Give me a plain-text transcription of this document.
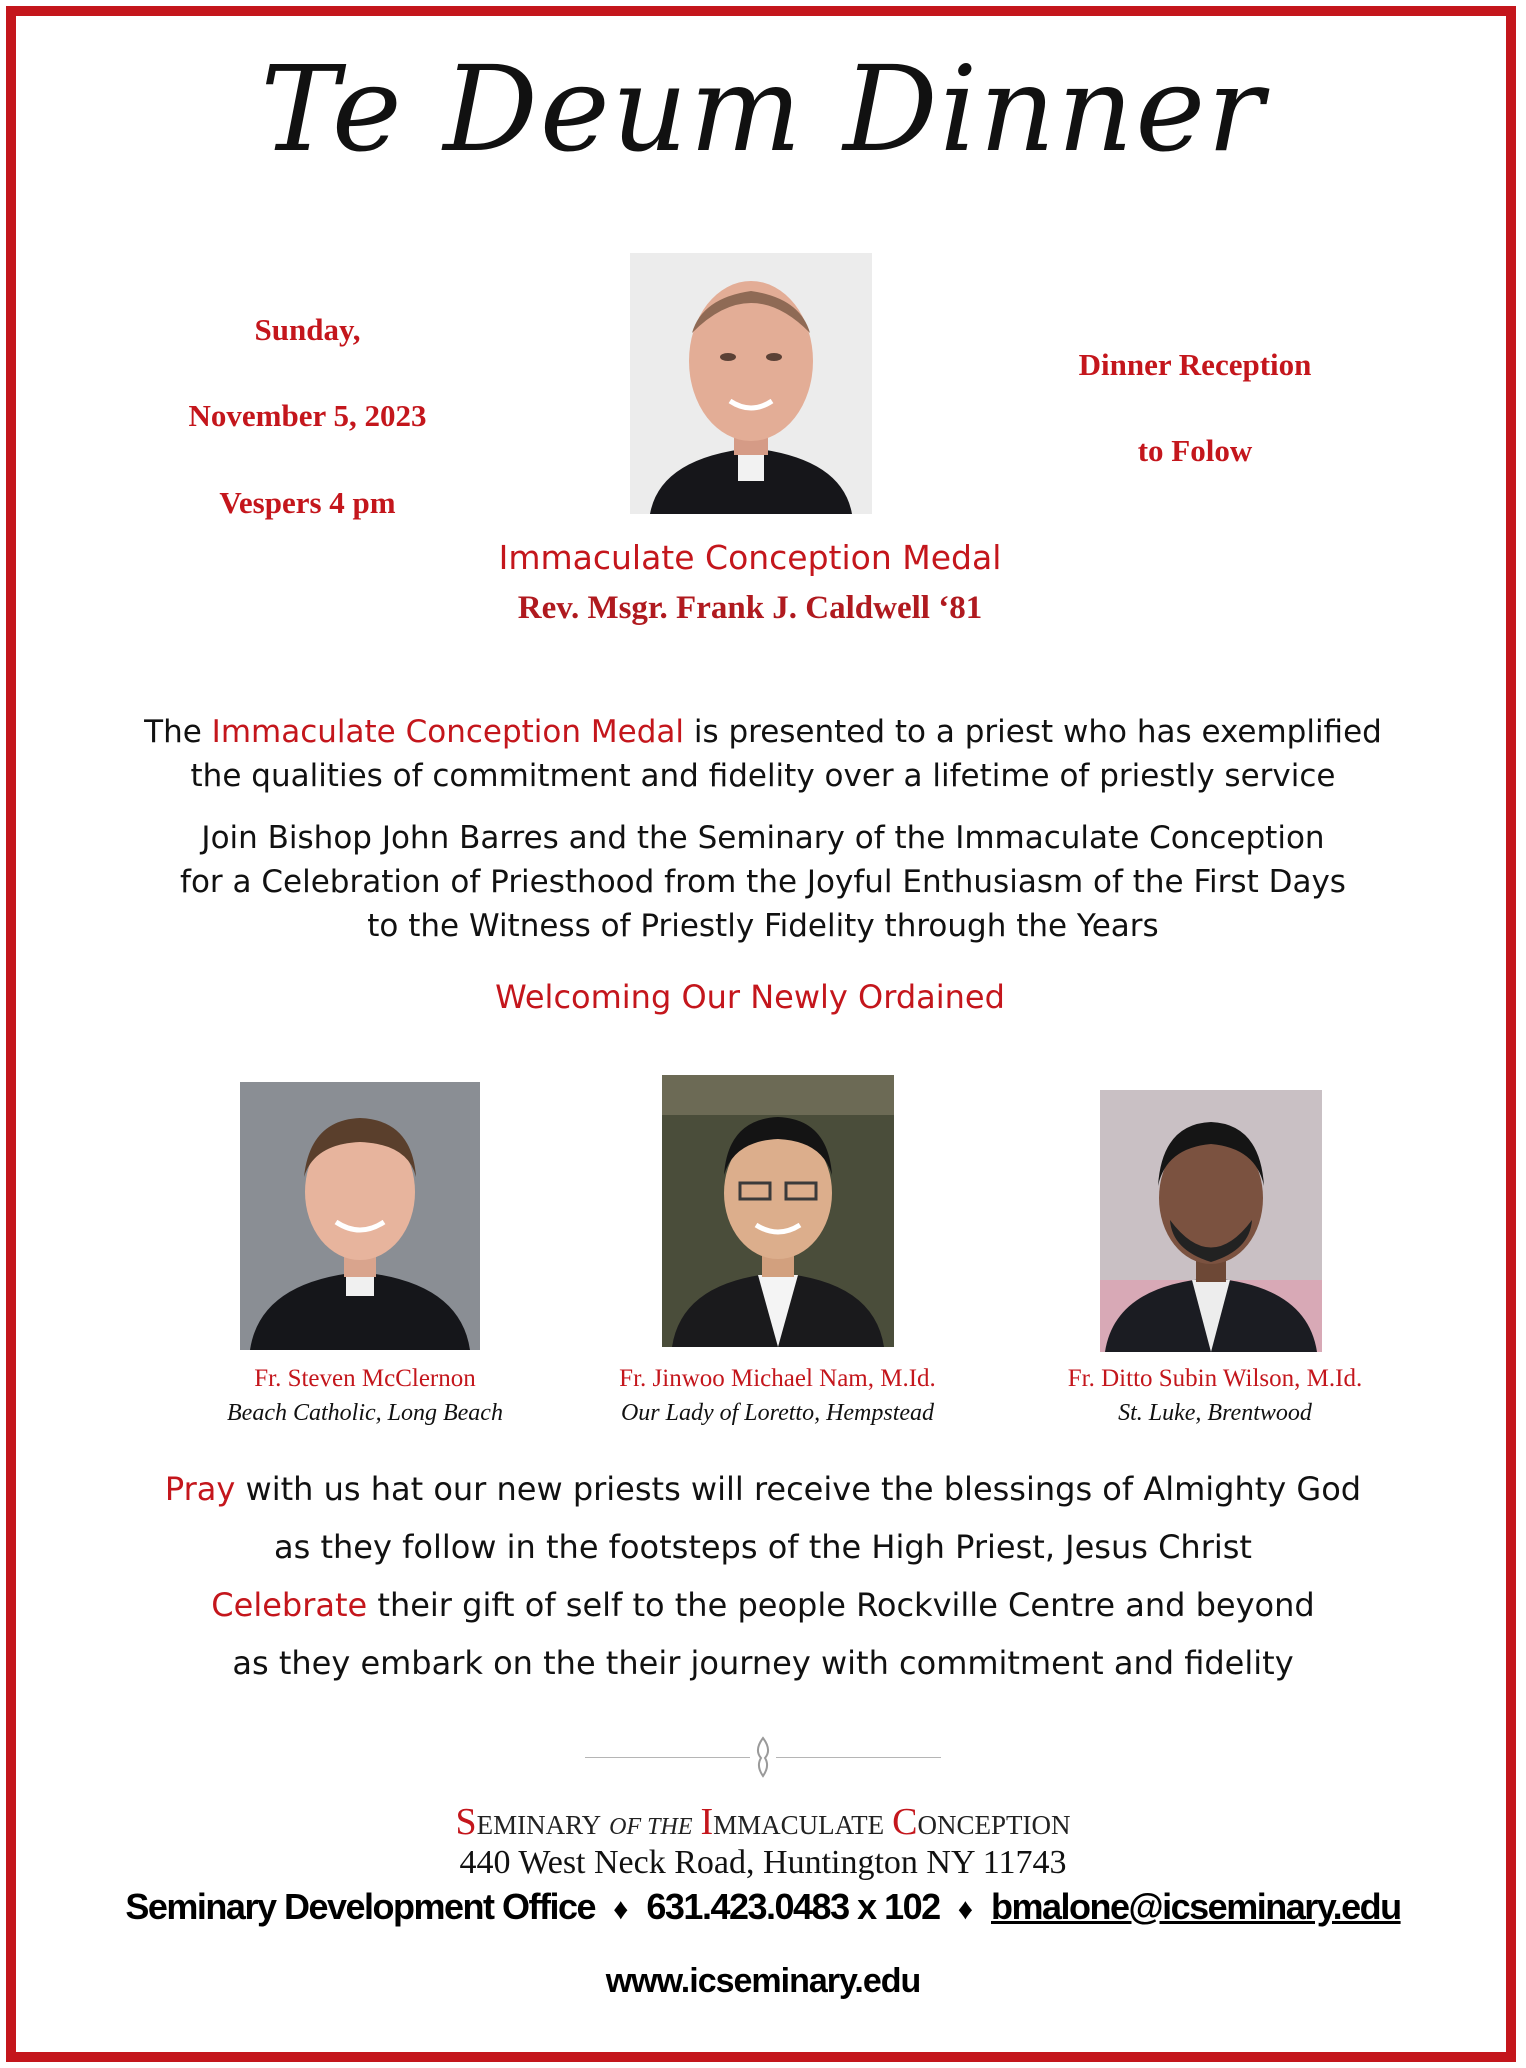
Te Deum Dinner
Sunday,
November 5, 2023
Vespers 4 pm
Dinner Reception
to Folow
Immaculate Conception Medal
Rev. Msgr. Frank J. Caldwell ‘81
The Immaculate Conception Medal is presented to a priest who has exemplified
the qualities of commitment and fidelity over a lifetime of priestly service
Join Bishop John Barres and the Seminary of the Immaculate Conception
for a Celebration of Priesthood from the Joyful Enthusiasm of the First Days
to the Witness of Priestly Fidelity through the Years
Welcoming Our Newly Ordained
Fr. Steven McClernon
Beach Catholic, Long Beach
Fr. Jinwoo Michael Nam, M.Id.
Our Lady of Loretto, Hempstead
Fr. Ditto Subin Wilson, M.Id.
St. Luke, Brentwood
Pray with us hat our new priests will receive the blessings of Almighty God
as they follow in the footsteps of the High Priest, Jesus Christ
Celebrate their gift of self to the people Rockville Centre and beyond
as they embark on the their journey with commitment and fidelity
SEMINARY OF THE IMMACULATE CONCEPTION
440 West Neck Road, Huntington NY 11743
Seminary Development Office ♦ 631.423.0483 x 102 ♦ bmalone@icseminary.edu
www.icseminary.edu
